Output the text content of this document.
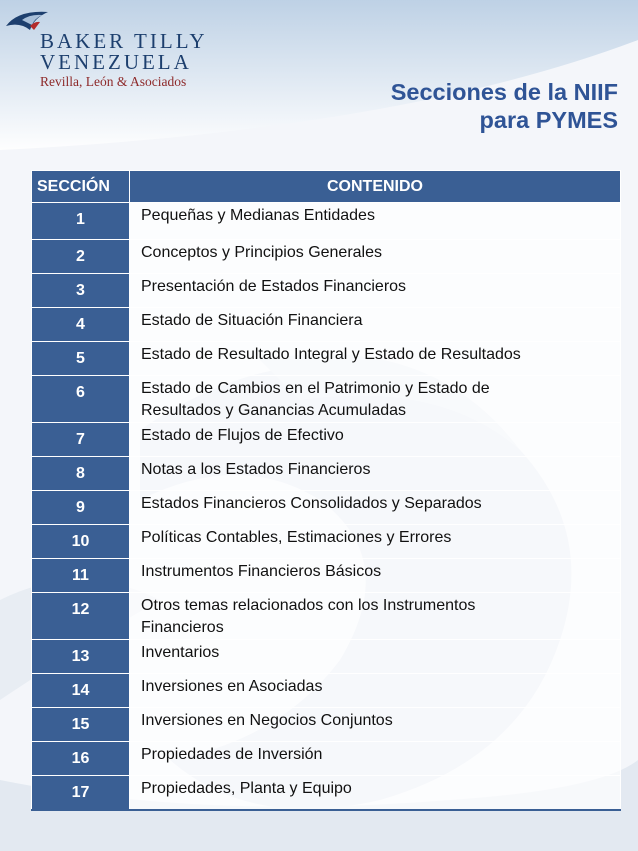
BAKER TILLY
VENEZUELA
Revilla, León & Asociados	Secciones de la NIIF
para PYMES
SECCIÓN	CONTENIDO
1	Pequeñas y Medianas Entidades

2	Conceptos y Principios Generales

3	Presentación de Estados Financieros

4	Estado de Situación Financiera

5	Estado de Resultado Integral y Estado de Resultados

6	Estado de Cambios en el Patrimonio y Estado de
Resultados y Ganancias Acumuladas

7	Estado de Flujos de Efectivo

8	Notas a los Estados Financieros

9	Estados Financieros Consolidados y Separados

10	Políticas Contables, Estimaciones y Errores

11	Instrumentos Financieros Básicos

12	Otros temas relacionados con los Instrumentos
Financieros

13	Inventarios

14	Inversiones en Asociadas

15	Inversiones en Negocios Conjuntos

16	Propiedades de Inversión

17	Propiedades, Planta y Equipo
